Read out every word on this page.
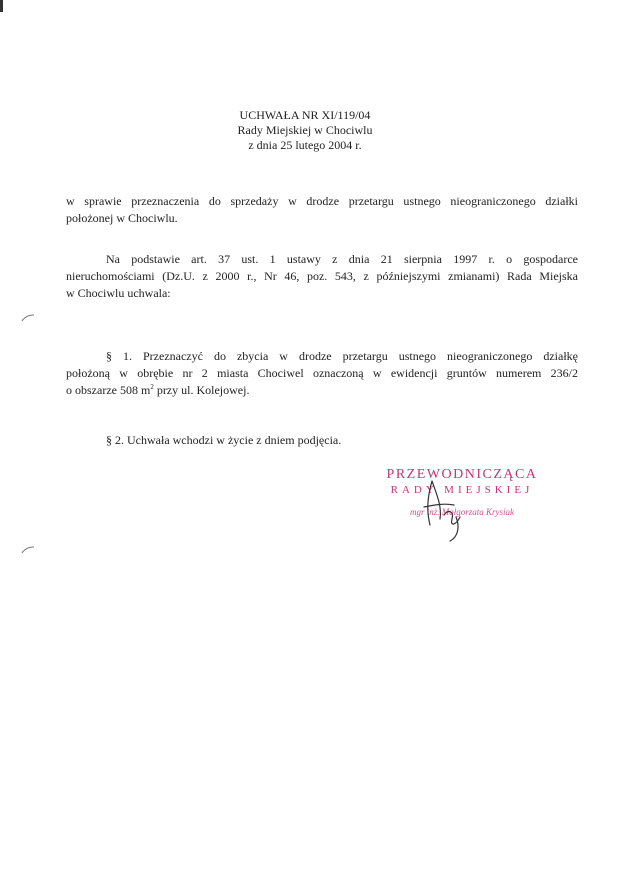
UCHWAŁA NR XI/119/04
Rady Miejskiej w Chociwlu
z dnia 25 lutego 2004 r.
w sprawie przeznaczenia do sprzedaży w drodze przetargu ustnego nieograniczonego działki
położonej w Chociwlu.
Na podstawie art. 37 ust. 1 ustawy z dnia 21 sierpnia 1997 r. o gospodarce
nieruchomościami (Dz.U. z 2000 r., Nr 46, poz. 543, z późniejszymi zmianami) Rada Miejska
w Chociwlu uchwala:
§ 1. Przeznaczyć do zbycia w drodze przetargu ustnego nieograniczonego działkę
położoną w obrębie nr 2 miasta Chociwel oznaczoną w ewidencji gruntów numerem 236/2
o obszarze 508 $m^2$ przy ul. Kolejowej.
§ 2. Uchwała wchodzi w życie z dniem podjęcia.
PRZEWODNICZĄCA
RADY MIEJSKIEJ
mgr inż. Małgorzata Krysiak
